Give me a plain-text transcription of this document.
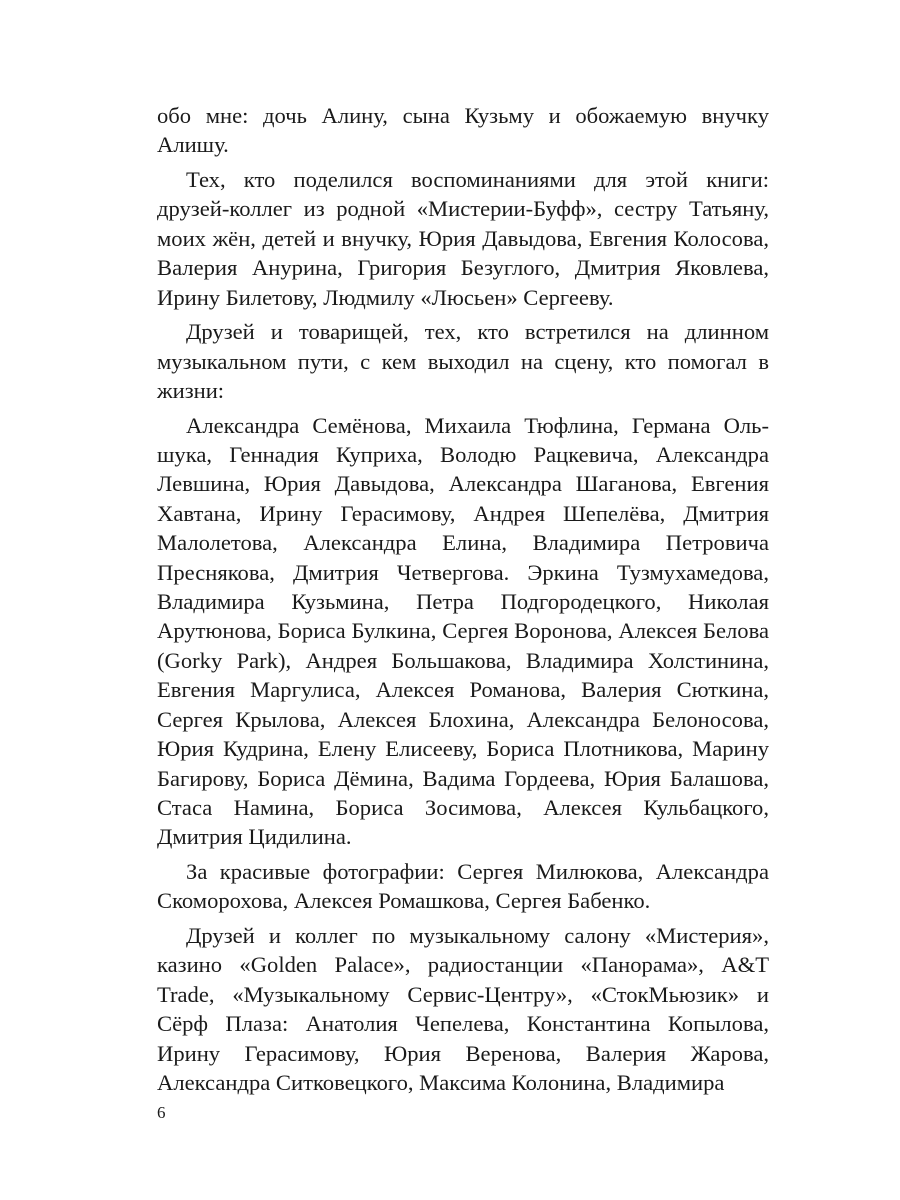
обо мне: дочь Алину, сына Кузьму и обожаемую внучку Алишу.

Тех, кто поделился воспоминаниями для этой книги: друзей-коллег из родной «Мистерии-Буфф», сестру Татьяну, моих жён, детей и внучку, Юрия Давыдова, Евгения Колосова, Валерия Анурина, Григория Безуглого, Дмитрия Яковлева, Ирину Билетову, Людмилу «Люсьен» Сергееву.

Друзей и товарищей, тех, кто встретился на длинном музыкальном пути, с кем выходил на сцену, кто помогал в жизни:

Александра Семёнова, Михаила Тюфлина, Германа Ольшука, Геннадия Куприха, Володю Рацкевича, Александра Левшина, Юрия Давыдова, Александра Шаганова, Евгения Хавтана, Ирину Герасимову, Андрея Шепелёва, Дмитрия Малолетова, Александра Елина, Владимира Петровича Преснякова, Дмитрия Четвергова. Эркина Тузмухамедова, Владимира Кузьмина, Петра Подгородецкого, Николая Арутюнова, Бориса Булкина, Сергея Воронова, Алексея Белова (Gorky Park), Андрея Большакова, Владимира Холстинина, Евгения Маргулиса, Алексея Романова, Валерия Сюткина, Сергея Крылова, Алексея Блохина, Александра Белоносова, Юрия Кудрина, Елену Елисееву, Бориса Плотникова, Марину Багирову, Бориса Дёмина, Вадима Гордеева, Юрия Балашова, Стаса Намина, Бориса Зосимова, Алексея Кульбацкого, Дмитрия Цидилина.

За красивые фотографии: Сергея Милюкова, Александра Скоморохова, Алексея Ромашкова, Сергея Бабенко.

Друзей и коллег по музыкальному салону «Мистерия», казино «Golden Palace», радиостанции «Панорама», A&T Trade, «Музыкальному Сервис-Центру», «СтокМьюзик» и Сёрф Плаза: Анатолия Чепелева, Константина Копылова, Ирину Герасимову, Юрия Веренова, Валерия Жарова, Александра Ситковецкого, Максима Колонина, Владимира

6
